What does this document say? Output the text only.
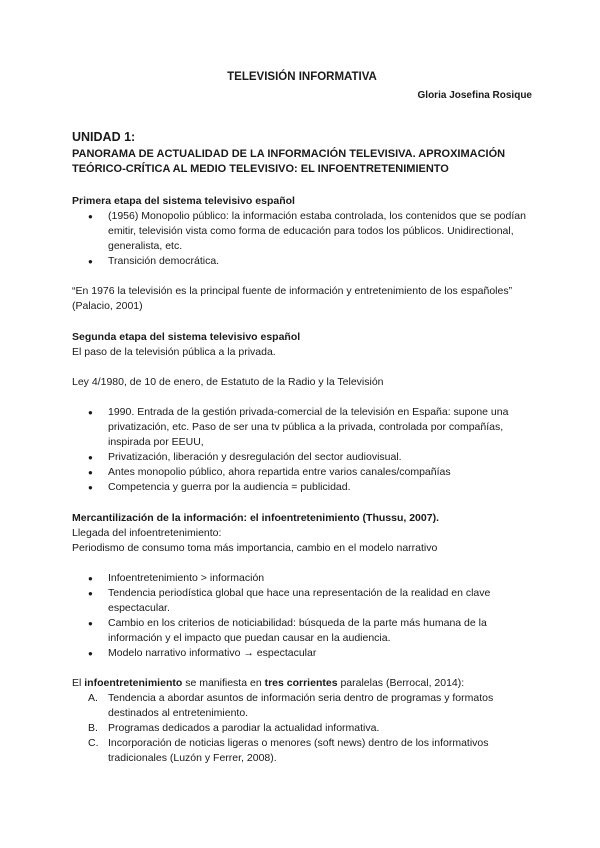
TELEVISIÓN INFORMATIVA

Gloria Josefina Rosique

UNIDAD 1:

PANORAMA DE ACTUALIDAD DE LA INFORMACIÓN TELEVISIVA. APROXIMACIÓN TEÓRICO-CRÍTICA AL MEDIO TELEVISIVO: EL INFOENTRETENIMIENTO

Primera etapa del sistema televisivo español

● (1956) Monopolio público: la información estaba controlada, los contenidos que se podían emitir, televisión vista como forma de educación para todos los públicos. Unidirectional, generalista, etc.
● Transición democrática.

“En 1976 la televisión es la principal fuente de información y entretenimiento de los españoles” (Palacio, 2001)

Segunda etapa del sistema televisivo español

El paso de la televisión pública a la privada.

Ley 4/1980, de 10 de enero, de Estatuto de la Radio y la Televisión

● 1990. Entrada de la gestión privada-comercial de la televisión en España: supone una privatización, etc. Paso de ser una tv pública a la privada, controlada por compañías, inspirada por EEUU,
● Privatización, liberación y desregulación del sector audiovisual.
● Antes monopolio público, ahora repartida entre varios canales/compañías
● Competencia y guerra por la audiencia = publicidad.

Mercantilización de la información: el infoentretenimiento (Thussu, 2007).

Llegada del infoentretenimiento:

Periodismo de consumo toma más importancia, cambio en el modelo narrativo

● Infoentretenimiento > información
● Tendencia periodística global que hace una representación de la realidad en clave espectacular.
● Cambio en los criterios de noticiabilidad: búsqueda de la parte más humana de la información y el impacto que puedan causar en la audiencia.
● Modelo narrativo informativo → espectacular

El infoentretenimiento se manifiesta en tres corrientes paralelas (Berrocal, 2014):

A. Tendencia a abordar asuntos de información seria dentro de programas y formatos destinados al entretenimiento.
B. Programas dedicados a parodiar la actualidad informativa.
C. Incorporación de noticias ligeras o menores (soft news) dentro de los informativos tradicionales (Luzón y Ferrer, 2008).
